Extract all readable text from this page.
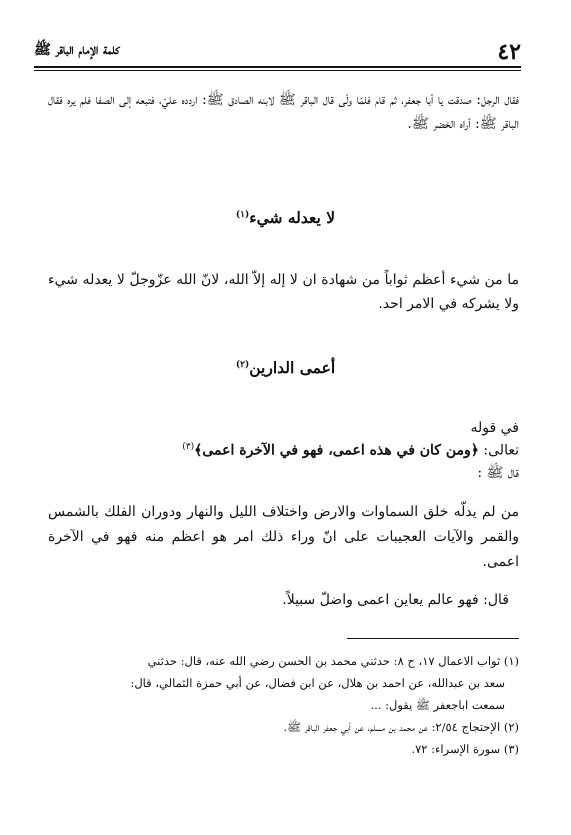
٤٢
كلمة الإمام الباقر ﷺ
فقال الرجل: صدقت يا أبا جعفر، ثم قام فلمّا ولّى قال الباقر ﷺ لابنه الصادق ﷺ: اردده عليّ، فتبعه إلى الصفا فلم يره فقال الباقر ﷺ: أراه الخضر ﷺ.
لا يعدله شيء$^{(١)}$
ما من شيء أعظم ثواباً من شهادة ان لا إله إلاّ الله، لانّ الله عزّوجلّ لا يعدله شيء ولا يشركه في الامر احد.
أعمى الدارين$^{(٢)}$
في قوله
تعالى: ﴿ومن كان في هذه اعمى، فهو في الآخرة اعمى﴾$^{(٣)}$
قال ﷺ :
من لم يدلّه خلق السماوات والارض واختلاف الليل والنهار ودوران الفلك بالشمس والقمر والآيات العجيبات على انّ وراء ذلك امر هو اعظم منه فهو في الآخرة اعمى.
قال: فهو عالم يعاين اعمى واضلّ سبيلاً.

(١) ثواب الاعمال ١٧، ح ٨: حدثني محمد بن الحسن رضي الله عنه، قال: حدثني

سعد بن عبدالله، عن احمد بن هلال، عن ابن فضال، عن أبي حمزة الثمالي، قال:

سمعت اباجعفر ﷺ يقول: ...

(٢) الإحتجاج ٢/٥٤: عن محمد بن مسلم، عن أبي جعفر الباقر ﷺ.

(٣) سورة الإسراء: ٧٢.
